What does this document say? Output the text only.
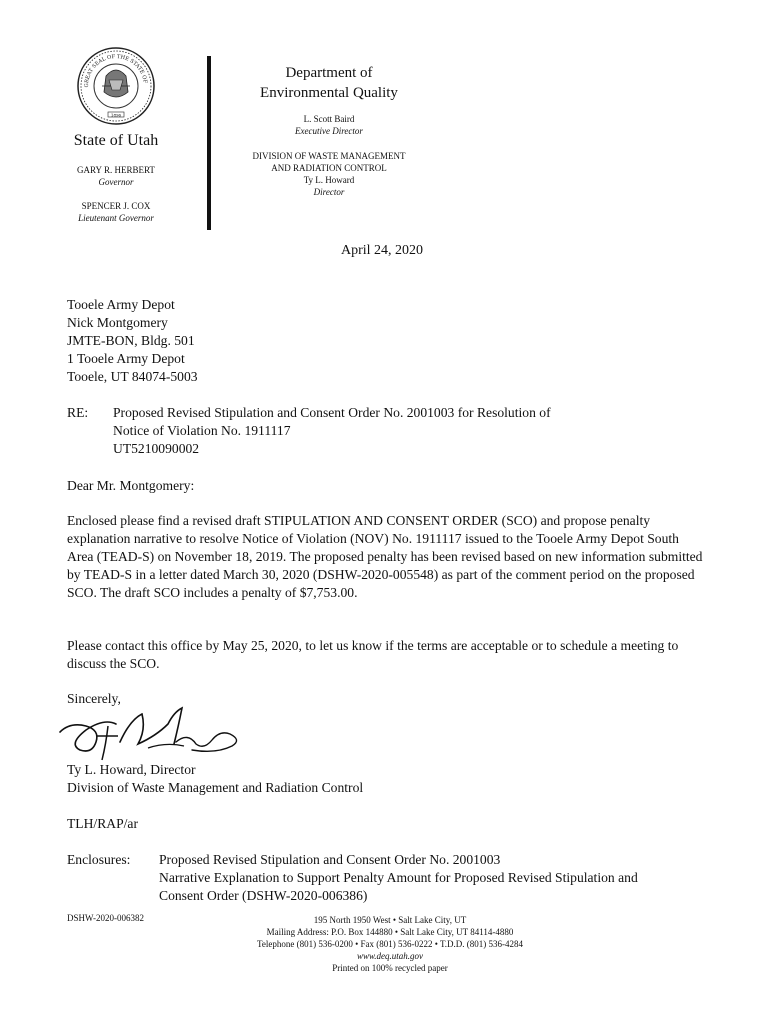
GREAT SEAL OF THE STATE OF
1896
State of Utah
GARY R. HERBERT
Governor
SPENCER J. COX
Lieutenant Governor
Department of
Environmental Quality
L. Scott Baird
Executive Director
DIVISION OF WASTE MANAGEMENT
AND RADIATION CONTROL
Ty L. Howard
Director
April 24, 2020
Tooele Army Depot
Nick Montgomery
JMTE-BON, Bldg. 501
1 Tooele Army Depot
Tooele, UT 84074-5003
RE: Proposed Revised Stipulation and Consent Order No. 2001003 for Resolution of
Notice of Violation No. 1911117
UT5210090002
Dear Mr. Montgomery:
Enclosed please find a revised draft STIPULATION AND CONSENT ORDER (SCO) and propose penalty explanation narrative to resolve Notice of Violation (NOV) No. 1911117 issued to the Tooele Army Depot South Area (TEAD-S) on November 18, 2019. The proposed penalty has been revised based on new information submitted by TEAD-S in a letter dated March 30, 2020 (DSHW-2020-005548) as part of the comment period on the proposed SCO. The draft SCO includes a penalty of $7,753.00.
Please contact this office by May 25, 2020, to let us know if the terms are acceptable or to schedule a meeting to discuss the SCO.
Sincerely,
Ty L. Howard, Director
Division of Waste Management and Radiation Control
TLH/RAP/ar
Enclosures: Proposed Revised Stipulation and Consent Order No. 2001003
Narrative Explanation to Support Penalty Amount for Proposed Revised Stipulation and
Consent Order (DSHW-2020-006386)
DSHW-2020-006382	195 North 1950 West • Salt Lake City, UT
Mailing Address: P.O. Box 144880 • Salt Lake City, UT 84114-4880
Telephone (801) 536-0200 • Fax (801) 536-0222 • T.D.D. (801) 536-4284
www.deq.utah.gov
Printed on 100% recycled paper
